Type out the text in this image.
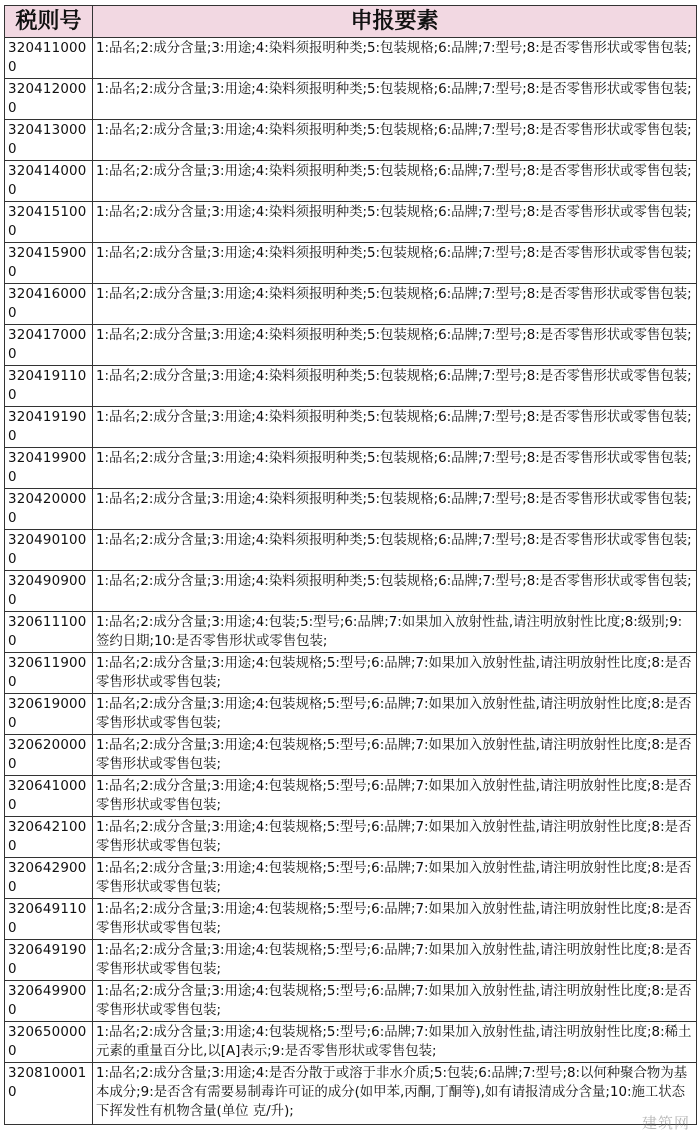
税则号	申报要素
3204110000	1:品名;2:成分含量;3:用途;4:染料须报明种类;5:包装规格;6:品牌;7:型号;8:是否零售形状或零售包装;
3204120000	1:品名;2:成分含量;3:用途;4:染料须报明种类;5:包装规格;6:品牌;7:型号;8:是否零售形状或零售包装;
3204130000	1:品名;2:成分含量;3:用途;4:染料须报明种类;5:包装规格;6:品牌;7:型号;8:是否零售形状或零售包装;
3204140000	1:品名;2:成分含量;3:用途;4:染料须报明种类;5:包装规格;6:品牌;7:型号;8:是否零售形状或零售包装;
3204151000	1:品名;2:成分含量;3:用途;4:染料须报明种类;5:包装规格;6:品牌;7:型号;8:是否零售形状或零售包装;
3204159000	1:品名;2:成分含量;3:用途;4:染料须报明种类;5:包装规格;6:品牌;7:型号;8:是否零售形状或零售包装;
3204160000	1:品名;2:成分含量;3:用途;4:染料须报明种类;5:包装规格;6:品牌;7:型号;8:是否零售形状或零售包装;
3204170000	1:品名;2:成分含量;3:用途;4:染料须报明种类;5:包装规格;6:品牌;7:型号;8:是否零售形状或零售包装;
3204191100	1:品名;2:成分含量;3:用途;4:染料须报明种类;5:包装规格;6:品牌;7:型号;8:是否零售形状或零售包装;
3204191900	1:品名;2:成分含量;3:用途;4:染料须报明种类;5:包装规格;6:品牌;7:型号;8:是否零售形状或零售包装;
3204199000	1:品名;2:成分含量;3:用途;4:染料须报明种类;5:包装规格;6:品牌;7:型号;8:是否零售形状或零售包装;
3204200000	1:品名;2:成分含量;3:用途;4:染料须报明种类;5:包装规格;6:品牌;7:型号;8:是否零售形状或零售包装;
3204901000	1:品名;2:成分含量;3:用途;4:染料须报明种类;5:包装规格;6:品牌;7:型号;8:是否零售形状或零售包装;
3204909000	1:品名;2:成分含量;3:用途;4:染料须报明种类;5:包装规格;6:品牌;7:型号;8:是否零售形状或零售包装;
3206111000	1:品名;2:成分含量;3:用途;4:包装;5:型号;6:品牌;7:如果加入放射性盐,请注明放射性比度;8:级别;9:签约日期;10:是否零售形状或零售包装;
3206119000	1:品名;2:成分含量;3:用途;4:包装规格;5:型号;6:品牌;7:如果加入放射性盐,请注明放射性比度;8:是否零售形状或零售包装;
3206190000	1:品名;2:成分含量;3:用途;4:包装规格;5:型号;6:品牌;7:如果加入放射性盐,请注明放射性比度;8:是否零售形状或零售包装;
3206200000	1:品名;2:成分含量;3:用途;4:包装规格;5:型号;6:品牌;7:如果加入放射性盐,请注明放射性比度;8:是否零售形状或零售包装;
3206410000	1:品名;2:成分含量;3:用途;4:包装规格;5:型号;6:品牌;7:如果加入放射性盐,请注明放射性比度;8:是否零售形状或零售包装;
3206421000	1:品名;2:成分含量;3:用途;4:包装规格;5:型号;6:品牌;7:如果加入放射性盐,请注明放射性比度;8:是否零售形状或零售包装;
3206429000	1:品名;2:成分含量;3:用途;4:包装规格;5:型号;6:品牌;7:如果加入放射性盐,请注明放射性比度;8:是否零售形状或零售包装;
3206491100	1:品名;2:成分含量;3:用途;4:包装规格;5:型号;6:品牌;7:如果加入放射性盐,请注明放射性比度;8:是否零售形状或零售包装;
3206491900	1:品名;2:成分含量;3:用途;4:包装规格;5:型号;6:品牌;7:如果加入放射性盐,请注明放射性比度;8:是否零售形状或零售包装;
3206499000	1:品名;2:成分含量;3:用途;4:包装规格;5:型号;6:品牌;7:如果加入放射性盐,请注明放射性比度;8:是否零售形状或零售包装;
3206500000	1:品名;2:成分含量;3:用途;4:包装规格;5:型号;6:品牌;7:如果加入放射性盐,请注明放射性比度;8:稀土元素的重量百分比,以[A]表示;9:是否零售形状或零售包装;
3208100010	1:品名;2:成分含量;3:用途;4:是否分散于或溶于非水介质;5:包装;6:品牌;7:型号;8:以何种聚合物为基本成分;9:是否含有需要易制毒许可证的成分(如甲苯,丙酮,丁酮等),如有请报清成分含量;10:施工状态下挥发性有机物含量(单位 克/升);
建筑网
